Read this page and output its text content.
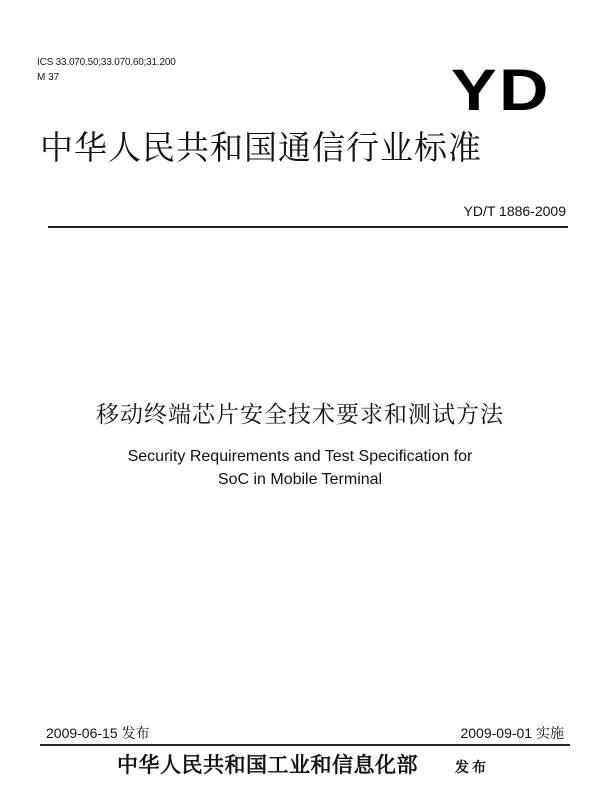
ICS 33.070.50;33.070.60;31.200
M 37	YD
中华人民共和国通信行业标准
YD/T 1886-2009
移动终端芯片安全技术要求和测试方法
Security Requirements and Test Specification for
SoC in Mobile Terminal
2009-06-15 发布	2009-09-01 实施
中华人民共和国工业和信息化部	发布
